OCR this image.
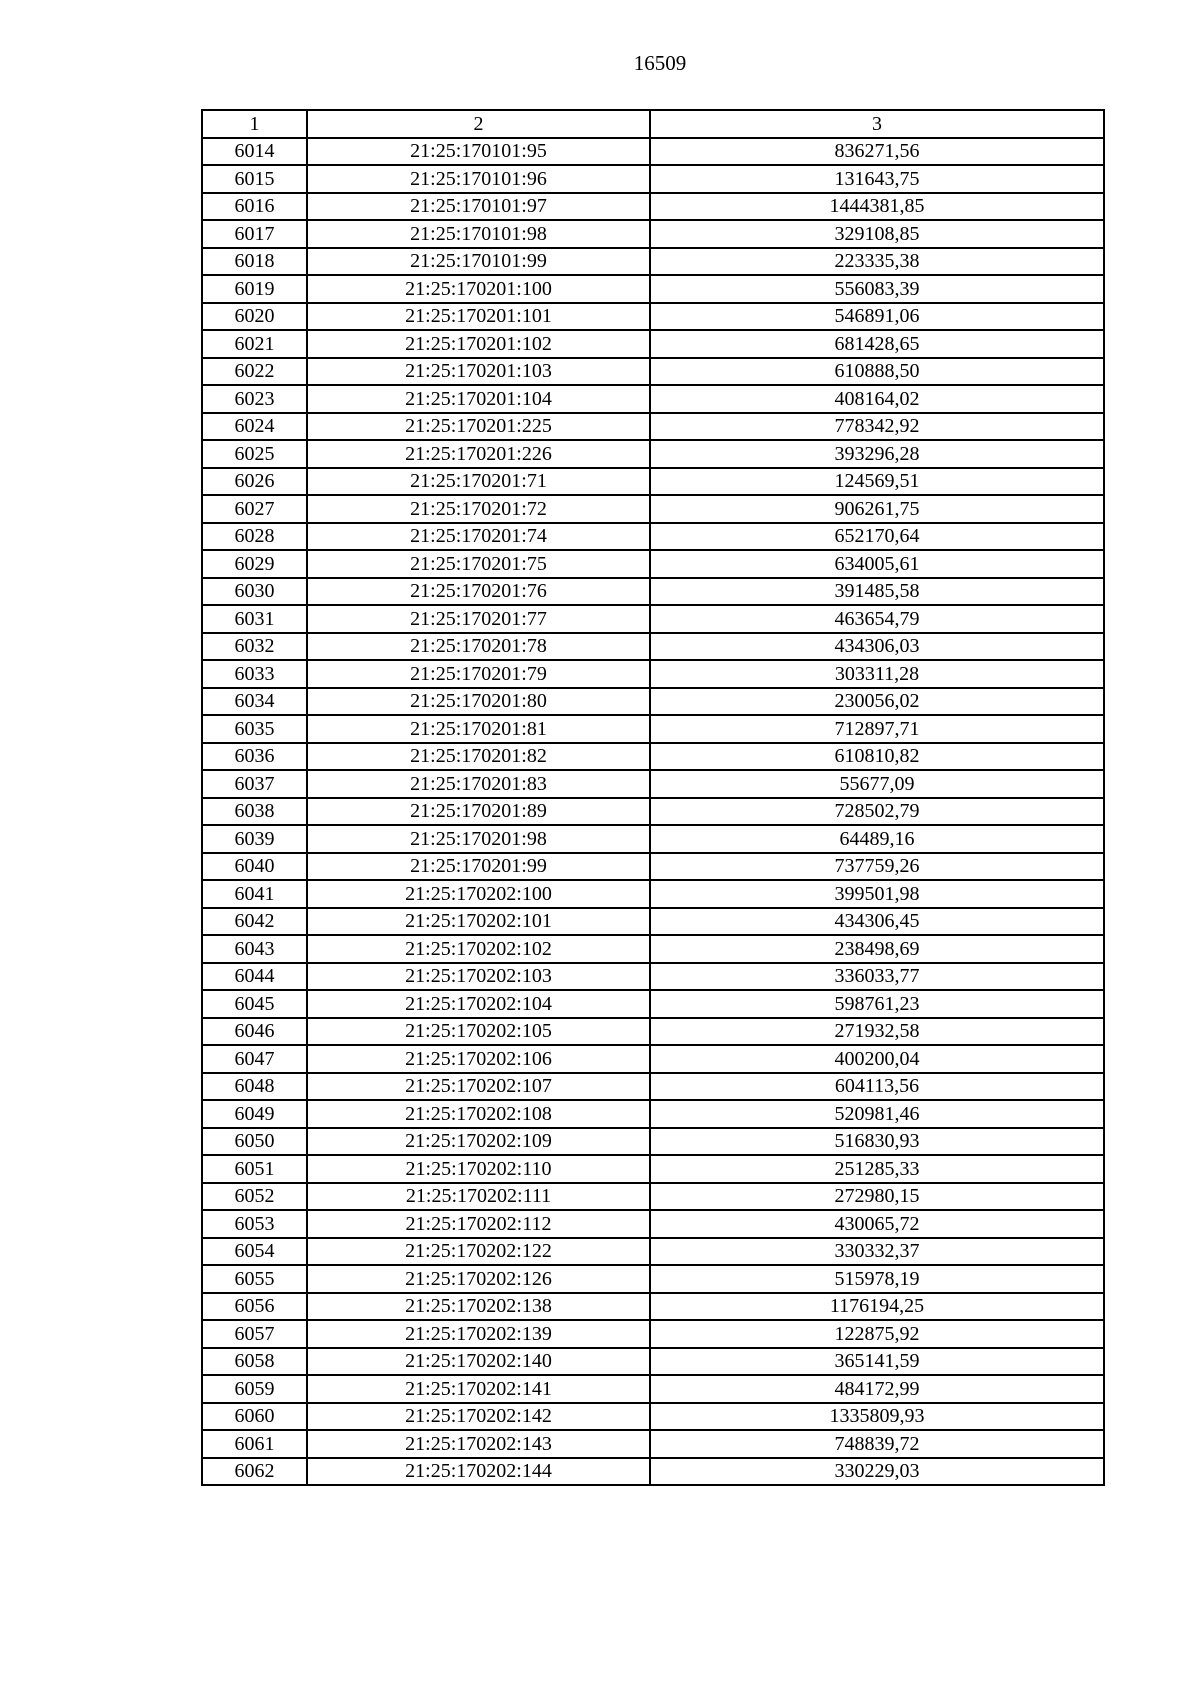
16509
1	2	3
6014	21:25:170101:95	836271,56
6015	21:25:170101:96	131643,75
6016	21:25:170101:97	1444381,85
6017	21:25:170101:98	329108,85
6018	21:25:170101:99	223335,38
6019	21:25:170201:100	556083,39
6020	21:25:170201:101	546891,06
6021	21:25:170201:102	681428,65
6022	21:25:170201:103	610888,50
6023	21:25:170201:104	408164,02
6024	21:25:170201:225	778342,92
6025	21:25:170201:226	393296,28
6026	21:25:170201:71	124569,51
6027	21:25:170201:72	906261,75
6028	21:25:170201:74	652170,64
6029	21:25:170201:75	634005,61
6030	21:25:170201:76	391485,58
6031	21:25:170201:77	463654,79
6032	21:25:170201:78	434306,03
6033	21:25:170201:79	303311,28
6034	21:25:170201:80	230056,02
6035	21:25:170201:81	712897,71
6036	21:25:170201:82	610810,82
6037	21:25:170201:83	55677,09
6038	21:25:170201:89	728502,79
6039	21:25:170201:98	64489,16
6040	21:25:170201:99	737759,26
6041	21:25:170202:100	399501,98
6042	21:25:170202:101	434306,45
6043	21:25:170202:102	238498,69
6044	21:25:170202:103	336033,77
6045	21:25:170202:104	598761,23
6046	21:25:170202:105	271932,58
6047	21:25:170202:106	400200,04
6048	21:25:170202:107	604113,56
6049	21:25:170202:108	520981,46
6050	21:25:170202:109	516830,93
6051	21:25:170202:110	251285,33
6052	21:25:170202:111	272980,15
6053	21:25:170202:112	430065,72
6054	21:25:170202:122	330332,37
6055	21:25:170202:126	515978,19
6056	21:25:170202:138	1176194,25
6057	21:25:170202:139	122875,92
6058	21:25:170202:140	365141,59
6059	21:25:170202:141	484172,99
6060	21:25:170202:142	1335809,93
6061	21:25:170202:143	748839,72
6062	21:25:170202:144	330229,03
